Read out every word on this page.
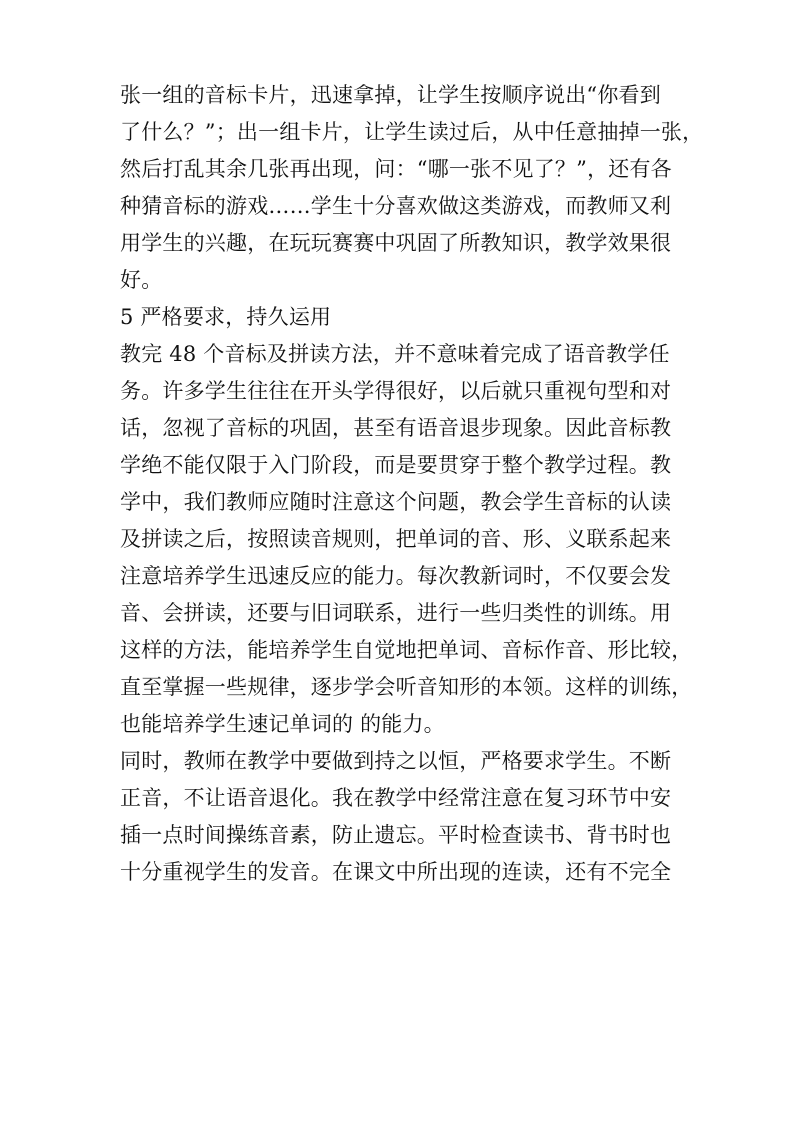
张一组的音标卡片，迅速拿掉，让学生按顺序说出“你看到
了什么？”；出一组卡片，让学生读过后，从中任意抽掉一张，
然后打乱其余几张再出现，问：“哪一张不见了？”，还有各
种猜音标的游戏……学生十分喜欢做这类游戏，而教师又利
用学生的兴趣，在玩玩赛赛中巩固了所教知识，教学效果很
好。
5 严格要求，持久运用
教完 48 个音标及拼读方法，并不意味着完成了语音教学任
务。许多学生往往在开头学得很好，以后就只重视句型和对
话，忽视了音标的巩固，甚至有语音退步现象。因此音标教
学绝不能仅限于入门阶段，而是要贯穿于整个教学过程。教
学中，我们教师应随时注意这个问题，教会学生音标的认读
及拼读之后，按照读音规则，把单词的音、形、义联系起来
注意培养学生迅速反应的能力。每次教新词时，不仅要会发
音、会拼读，还要与旧词联系，进行一些归类性的训练。用
这样的方法，能培养学生自觉地把单词、音标作音、形比较，
直至掌握一些规律，逐步学会听音知形的本领。这样的训练，
也能培养学生速记单词的 的能力。
同时，教师在教学中要做到持之以恒，严格要求学生。不断
正音，不让语音退化。我在教学中经常注意在复习环节中安
插一点时间操练音素，防止遗忘。平时检查读书、背书时也
十分重视学生的发音。在课文中所出现的连读，还有不完全
